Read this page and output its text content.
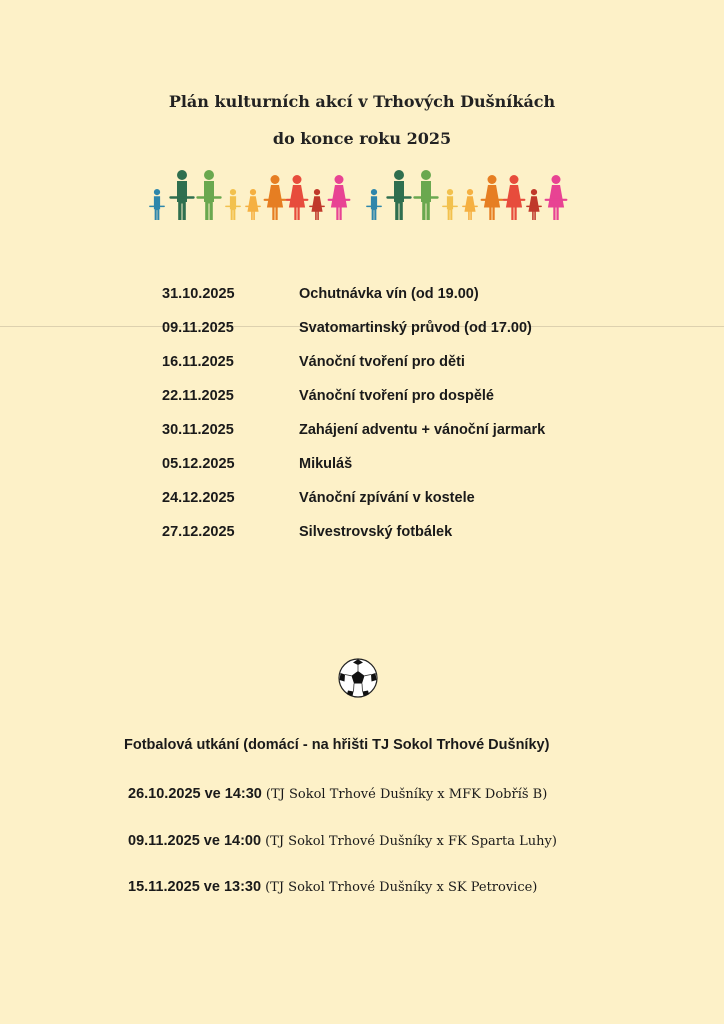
Plán kulturních akcí v Trhových Dušníkách
do konce roku 2025
31.10.2025	Ochutnávka vín (od 19.00)
09.11.2025	Svatomartinský průvod (od 17.00)
16.11.2025	Vánoční tvoření pro děti
22.11.2025	Vánoční tvoření pro dospělé
30.11.2025	Zahájení adventu + vánoční jarmark
05.12.2025	Mikuláš
24.12.2025	Vánoční zpívání v kostele
27.12.2025	Silvestrovský fotbálek
Fotbalová utkání (domácí - na hřišti TJ Sokol Trhové Dušníky)
26.10.2025 ve 14:30 (TJ Sokol Trhové Dušníky x MFK Dobříš B)
09.11.2025 ve 14:00 (TJ Sokol Trhové Dušníky x FK Sparta Luhy)
15.11.2025 ve 13:30 (TJ Sokol Trhové Dušníky x SK Petrovice)
